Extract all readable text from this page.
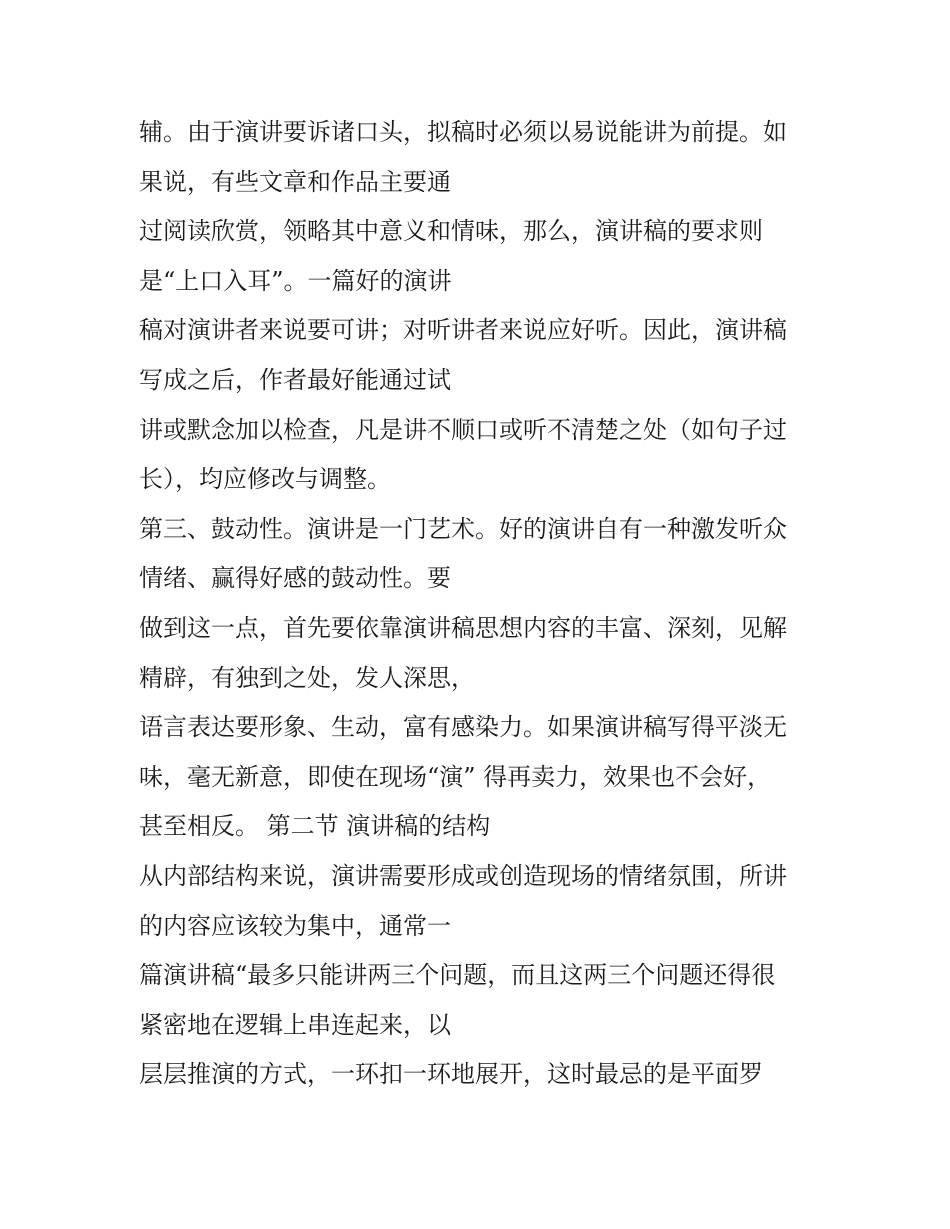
辅。由于演讲要诉诸口头，拟稿时必须以易说能讲为前提。如
果说，有些文章和作品主要通
过阅读欣赏，领略其中意义和情味，那么，演讲稿的要求则
是“上口入耳”。一篇好的演讲
稿对演讲者来说要可讲；对听讲者来说应好听。因此，演讲稿
写成之后，作者最好能通过试
讲或默念加以检查，凡是讲不顺口或听不清楚之处（如句子过
长），均应修改与调整。
第三、鼓动性。演讲是一门艺术。好的演讲自有一种激发听众
情绪、赢得好感的鼓动性。要
做到这一点，首先要依靠演讲稿思想内容的丰富、深刻，见解
精辟，有独到之处，发人深思，
语言表达要形象、生动，富有感染力。如果演讲稿写得平淡无
味，毫无新意，即使在现场“演” 得再卖力，效果也不会好，
甚至相反。 第二节 演讲稿的结构
从内部结构来说，演讲需要形成或创造现场的情绪氛围，所讲
的内容应该较为集中，通常一
篇演讲稿“最多只能讲两三个问题，而且这两三个问题还得很
紧密地在逻辑上串连起来，以
层层推演的方式，一环扣一环地展开，这时最忌的是平面罗
